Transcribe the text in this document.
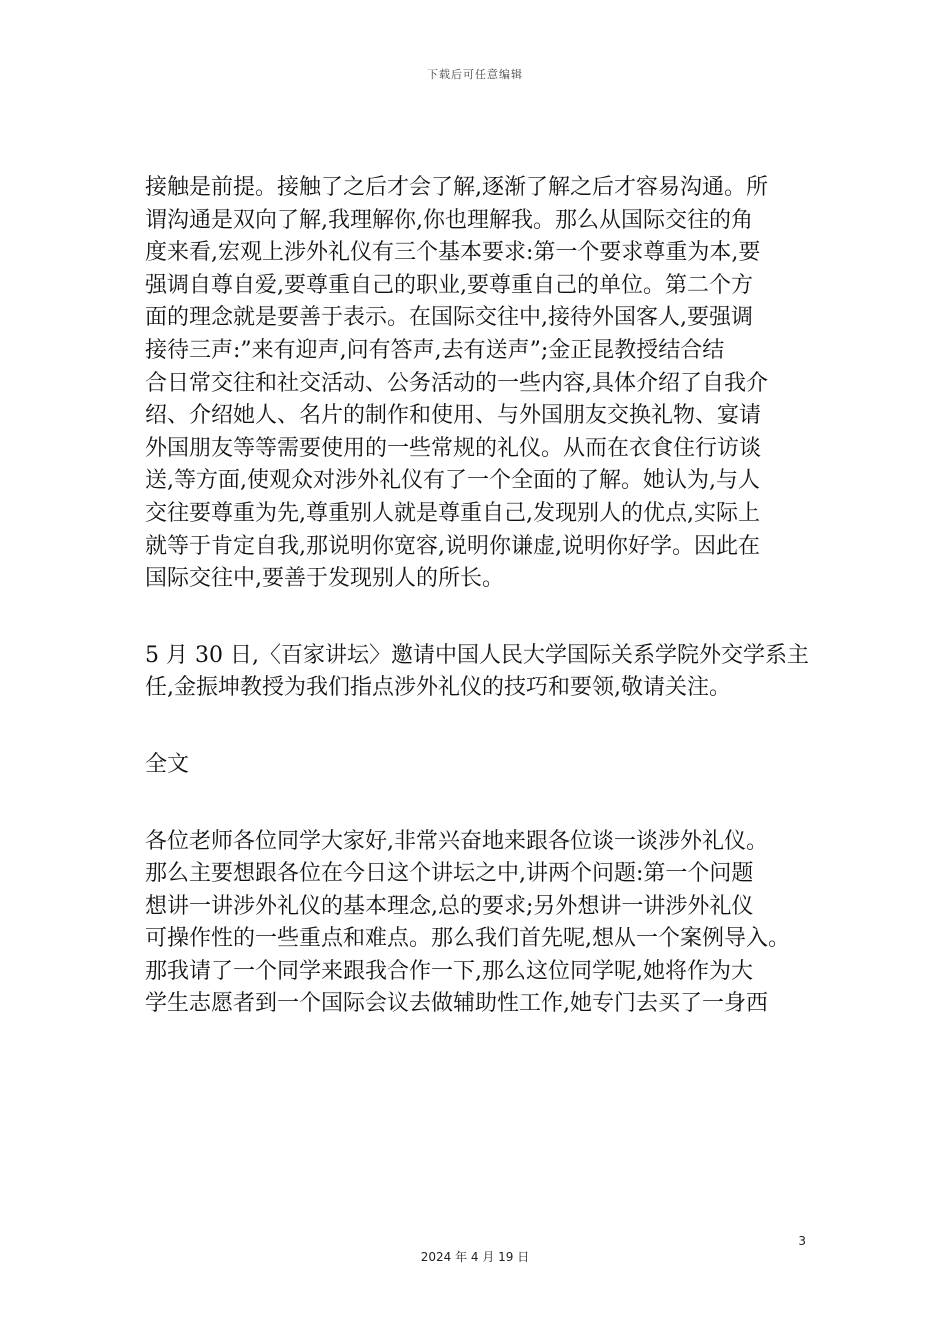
下载后可任意编辑

接触是前提。接触了之后才会了解,逐渐了解之后才容易沟通。所
谓沟通是双向了解,我理解你,你也理解我。那么从国际交往的角
度来看,宏观上涉外礼仪有三个基本要求:第一个要求尊重为本,要
强调自尊自爱,要尊重自己的职业,要尊重自己的单位。第二个方
面的理念就是要善于表示。在国际交往中,接待外国客人,要强调
接待三声:”来有迎声,问有答声,去有送声”;金正昆教授结合结
合日常交往和社交活动、公务活动的一些内容,具体介绍了自我介
绍、介绍她人、名片的制作和使用、与外国朋友交换礼物、宴请
外国朋友等等需要使用的一些常规的礼仪。从而在衣食住行访谈
送,等方面,使观众对涉外礼仪有了一个全面的了解。她认为,与人
交往要尊重为先,尊重别人就是尊重自己,发现别人的优点,实际上
就等于肯定自我,那说明你宽容,说明你谦虚,说明你好学。因此在
国际交往中,要善于发现别人的所长。

5 月 30 日,〈百家讲坛〉邀请中国人民大学国际关系学院外交学系主
任,金振坤教授为我们指点涉外礼仪的技巧和要领,敬请关注。

全文

各位老师各位同学大家好,非常兴奋地来跟各位谈一谈涉外礼仪。
那么主要想跟各位在今日这个讲坛之中,讲两个问题:第一个问题
想讲一讲涉外礼仪的基本理念,总的要求;另外想讲一讲涉外礼仪
可操作性的一些重点和难点。那么我们首先呢,想从一个案例导入。
那我请了一个同学来跟我合作一下,那么这位同学呢,她将作为大
学生志愿者到一个国际会议去做辅助性工作,她专门去买了一身西

3
2024 年 4 月 19 日
